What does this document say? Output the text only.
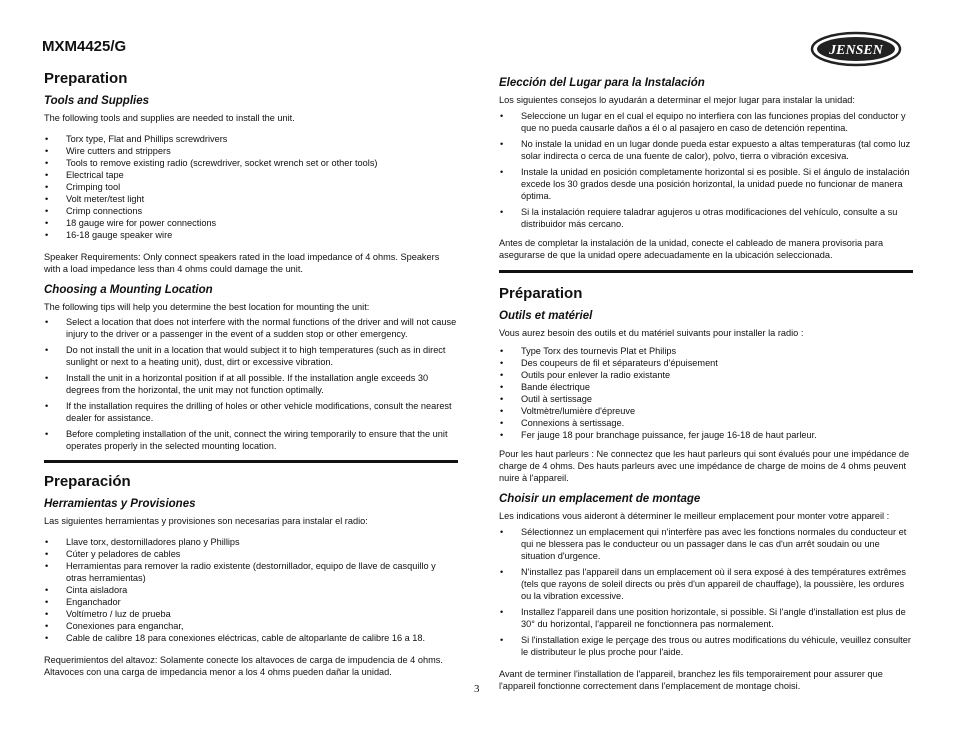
MXM4425/G	JENSEN
Preparation
Tools and Supplies

The following tools and supplies are needed to install the unit.

• Torx type, Flat and Phillips screwdrivers
• Wire cutters and strippers
• Tools to remove existing radio (screwdriver, socket wrench set or other tools)
• Electrical tape
• Crimping tool
• Volt meter/test light
• Crimp connections
• 18 gauge wire for power connections
• 16-18 gauge speaker wire

Speaker Requirements: Only connect speakers rated in the load impedance of 4 ohms. Speakers with a load impedance less than 4 ohms could damage the unit.

Choosing a Mounting Location

The following tips will help you determine the best location for mounting the unit:

• Select a location that does not interfere with the normal functions of the driver and will not cause injury to the driver or a passenger in the event of a sudden stop or other emergency.
• Do not install the unit in a location that would subject it to high temperatures (such as in direct sunlight or next to a heating unit), dust, dirt or excessive vibration.
• Install the unit in a horizontal position if at all possible. If the installation angle exceeds 30 degrees from the horizontal, the unit may not function optimally.
• If the installation requires the drilling of holes or other vehicle modifications, consult the nearest dealer for assistance.
• Before completing installation of the unit, connect the wiring temporarily to ensure that the unit operates properly in the selected mounting location.
Preparación
Herramientas y Provisiones

Las siguientes herramientas y provisiones son necesarias para instalar el radio:

• Llave torx, destornilladores plano y Phillips
• Cúter y peladores de cables
• Herramientas para remover la radio existente (destornillador, equipo de llave de casquillo y otras herramientas)
• Cinta aisladora
• Enganchador
• Voltímetro / luz de prueba
• Conexiones para enganchar,
• Cable de calibre 18 para conexiones eléctricas, cable de altoparlante de calibre 16 a 18.

Requerimientos del altavoz: Solamente conecte los altavoces de carga de impudencia de 4 ohms. Altavoces con una carga de impedancia menor a los 4 ohms pueden dañar la unidad.

Elección del Lugar para la Instalación

Los siguientes consejos lo ayudarán a determinar el mejor lugar para instalar la unidad:

• Seleccione un lugar en el cual el equipo no interfiera con las funciones propias del conductor y que no pueda causarle daños a él o al pasajero en caso de detención repentina.
• No instale la unidad en un lugar donde pueda estar expuesto a altas temperaturas (tal como luz solar indirecta o cerca de una fuente de calor), polvo, tierra o vibración excesiva.
• Instale la unidad en posición completamente horizontal si es posible. Si el ángulo de instalación excede los 30 grados desde una posición horizontal, la unidad puede no funcionar de manera óptima.
• Si la instalación requiere taladrar agujeros u otras modificaciones del vehículo, consulte a su distribuidor más cercano.

Antes de completar la instalación de la unidad, conecte el cableado de manera provisoria para asegurarse de que la unidad opere adecuadamente en la ubicación seleccionada.

Préparation
Outils et matériel

Vous aurez besoin des outils et du matériel suivants pour installer la radio :

• Type Torx des tournevis Plat et Philips
• Des coupeurs de fil et séparateurs d'épuisement
• Outils pour enlever la radio existante
• Bande électrique
• Outil à sertissage
• Voltmètre/lumière d'épreuve
• Connexions à sertissage.
• Fer jauge 18 pour branchage puissance, fer jauge 16-18 de haut parleur.

Pour les haut parleurs : Ne connectez que les haut parleurs qui sont évalués pour une impédance de charge de 4 ohms. Des hauts parleurs avec une impédance de charge de moins de 4 ohms peuvent nuire à l'appareil.

Choisir un emplacement de montage

Les indications vous aideront à déterminer le meilleur emplacement pour monter votre appareil :

• Sélectionnez un emplacement qui n'interfère pas avec les fonctions normales du conducteur et qui ne blessera pas le conducteur ou un passager dans le cas d'un arrêt soudain ou une situation d'urgence.
• N'installez pas l'appareil dans un emplacement où il sera exposé à des températures extrêmes (tels que rayons de soleil directs ou près d'un appareil de chauffage), la poussière, les ordures ou la vibration excessive.
• Installez l'appareil dans une position horizontale, si possible. Si l'angle d'installation est plus de 30° du horizontal, l'appareil ne fonctionnera pas normalement.
• Si l'installation exige le perçage des trous ou autres modifications du véhicule, veuillez consulter le distributeur le plus proche pour l'aide.

Avant de terminer l'installation de l'appareil, branchez les fils temporairement pour assurer que l'appareil fonctionne correctement dans l'emplacement de montage choisi.

3
